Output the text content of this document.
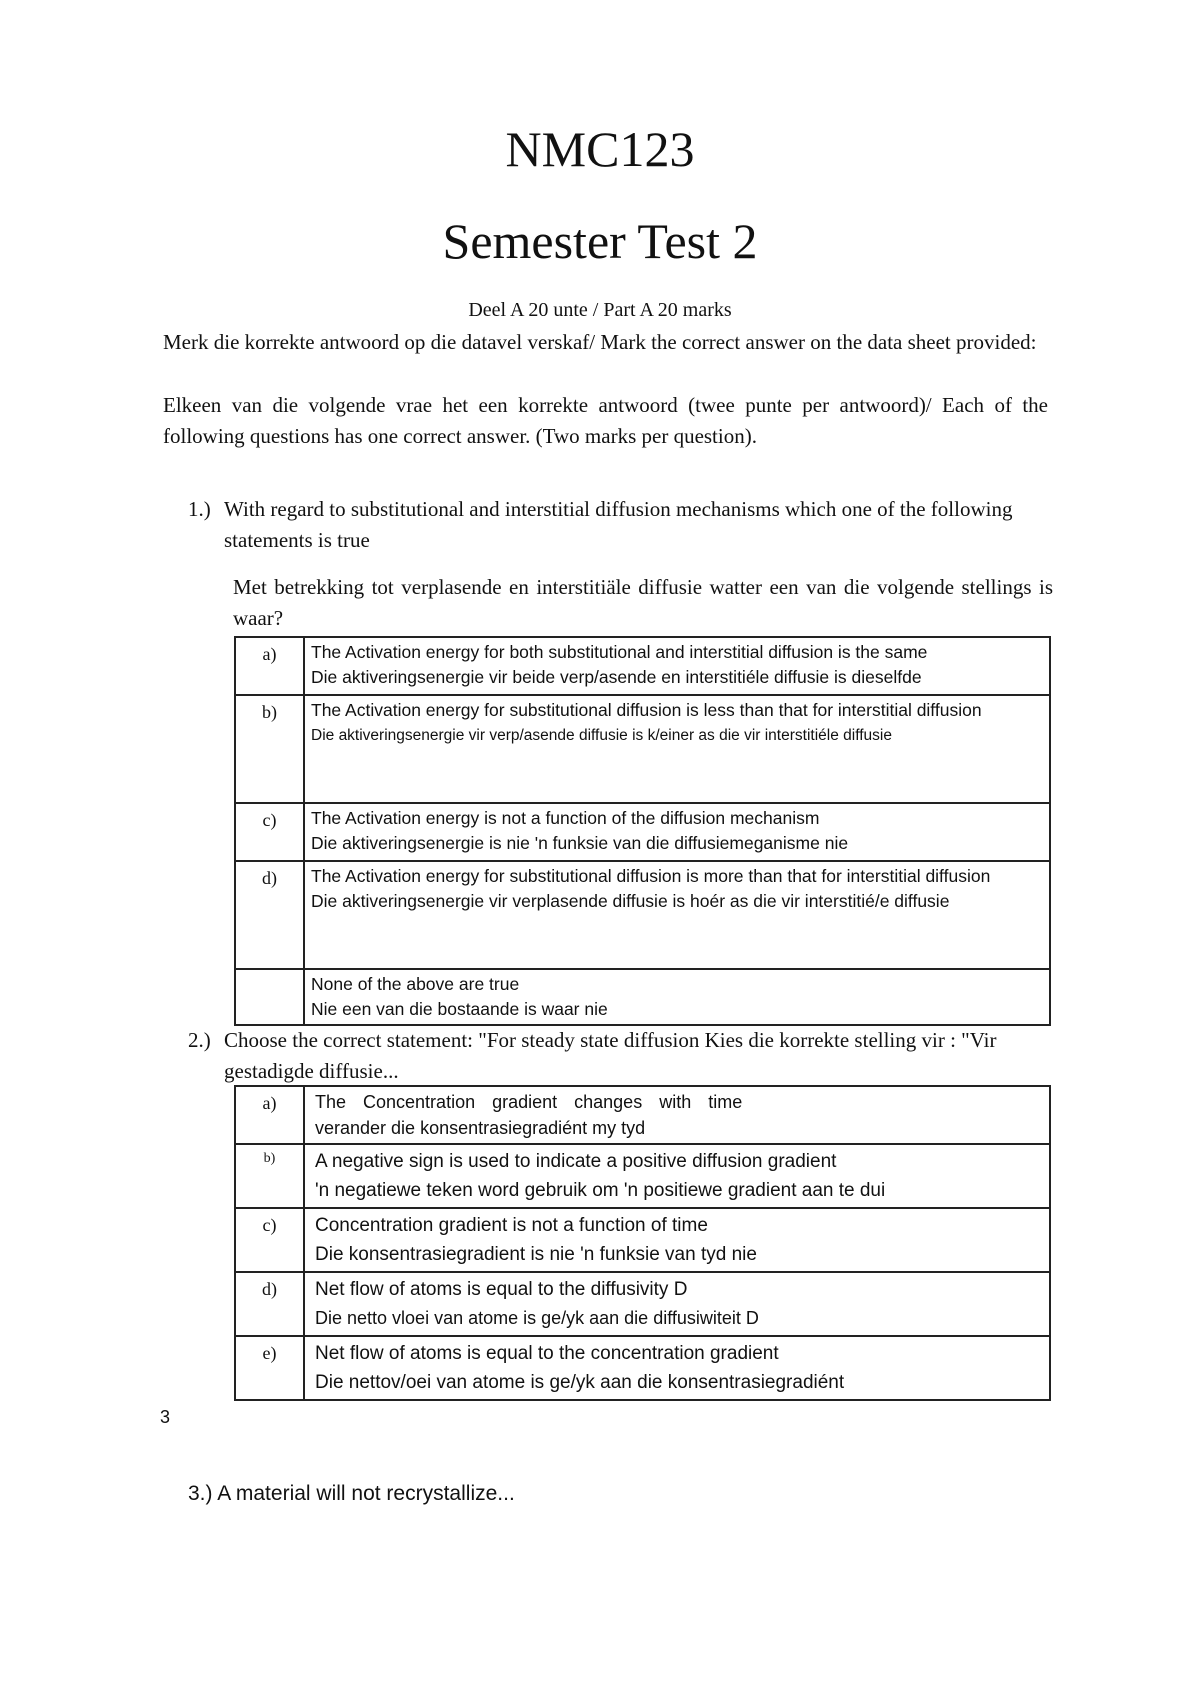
NMC123
Semester Test 2
Deel A 20 unte / Part A 20 marks
Merk die korrekte antwoord op die datavel verskaf/ Mark the correct answer on the data sheet provided:
Elkeen van die volgende vrae het een korrekte antwoord (twee punte per antwoord)/ Each of the following questions has one correct answer. (Two marks per question).
1.) With regard to substitutional and interstitial diffusion mechanisms which one of the following statements is true
Met betrekking tot verplasende en interstitiäle diffusie watter een van die volgende stellings is waar?
a)	The Activation energy for both substitutional and interstitial diffusion is the same
Die aktiveringsenergie vir beide verp/asende en interstitiéle diffusie is dieselfde

b)	The Activation energy for substitutional diffusion is less than that for interstitial diffusion
Die aktiveringsenergie vir verp/asende diffusie is k/einer as die vir interstitiéle diffusie

c)	The Activation energy is not a function of the diffusion mechanism
Die aktiveringsenergie is nie 'n funksie van die diffusiemeganisme nie

d)	The Activation energy for substitutional diffusion is more than that for interstitial diffusion
Die aktiveringsenergie vir verplasende diffusie is hoér as die vir interstitié/e diffusie

	None of the above are true
Nie een van die bostaande is waar nie
2.) Choose the correct statement: "For steady state diffusion Kies die korrekte stelling vir : "Vir gestadigde diffusie...
a)	The Concentration gradient changes with time
verander die konsentrasiegradiént my tyd

b)	A negative sign is used to indicate a positive diffusion gradient
'n negatiewe teken word gebruik om 'n positiewe gradient aan te dui

c)	Concentration gradient is not a function of time
Die konsentrasiegradient is nie 'n funksie van tyd nie

d)	Net flow of atoms is equal to the diffusivity D
Die netto vloei van atome is ge/yk aan die diffusiwiteit D

e)	Net flow of atoms is equal to the concentration gradient
Die nettov/oei van atome is ge/yk aan die konsentrasiegradiént
3
3.) A material will not recrystallize...
